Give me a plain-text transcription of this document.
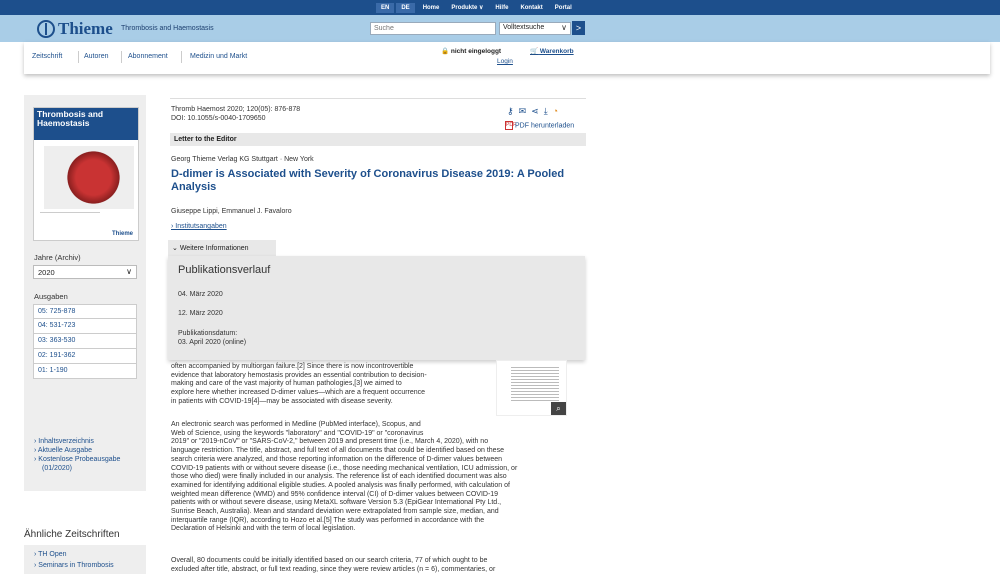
EN	DE	Home	Produkte ∨	Hilfe	Kontakt	Portal
Thieme Thrombosis and Haemostasis
Suche	Volltextsuche ∨ >
Zeitschrift	Autoren	Abonnement	Medizin und Markt
🔒 nicht eingeloggt
Login
🛒 Warenkorb
Thrombosis and Haemostasis
Thieme
Jahre (Archiv)
2020	∨
Ausgaben
05: 725-878
04: 531-723
03: 363-530
02: 191-362
01: 1-190
› Inhaltsverzeichnis
› Aktuelle Ausgabe
› Kostenlose Probeausgabe
(01/2020)
Ähnliche Zeitschriften
› TH Open
› Seminars in Thrombosis
Thromb Haemost 2020; 120(05): 876-878
DOI: 10.1055/s-0040-1709650
⚷ ✉ ⋖ ⤓ ◔
PDFPDF herunterladen
Letter to the Editor
Georg Thieme Verlag KG Stuttgart · New York
D-dimer is Associated with Severity of Coronavirus Disease 2019: A Pooled Analysis
Giuseppe Lippi, Emmanuel J. Favaloro
› Institutsangaben
⌄ Weitere Informationen
Publikationsverlauf
04. März 2020
12. März 2020
Publikationsdatum:
03. April 2020 (online)
⌕
often accompanied by multiorgan failure.[2] Since there is now incontrovertible
evidence that laboratory hemostasis provides an essential contribution to decision-
making and care of the vast majority of human pathologies,[3] we aimed to
explore here whether increased D-dimer values—which are a frequent occurrence
in patients with COVID-19[4]—may be associated with disease severity.
An electronic search was performed in Medline (PubMed interface), Scopus, and
Web of Science, using the keywords "laboratory" and "COVID-19" or "coronavirus
2019" or "2019-nCoV" or "SARS-CoV-2," between 2019 and present time (i.e., March 4, 2020), with no
language restriction. The title, abstract, and full text of all documents that could be identified based on these
search criteria were analyzed, and those reporting information on the difference of D-dimer values between
COVID-19 patients with or without severe disease (i.e., those needing mechanical ventilation, ICU admission, or
those who died) were finally included in our analysis. The reference list of each identified document was also
examined for identifying additional eligible studies. A pooled analysis was finally performed, with calculation of
weighted mean difference (WMD) and 95% confidence interval (CI) of D-dimer values between COVID-19
patients with or without severe disease, using MetaXL software Version 5.3 (EpiGear International Pty Ltd.,
Sunrise Beach, Australia). Mean and standard deviation were extrapolated from sample size, median, and
interquartile range (IQR), according to Hozo et al.[5] The study was performed in accordance with the
Declaration of Helsinki and with the term of local legislation.
Overall, 80 documents could be initially identified based on our search criteria, 77 of which ought to be
excluded after title, abstract, or full text reading, since they were review articles (n = 6), commentaries, or
